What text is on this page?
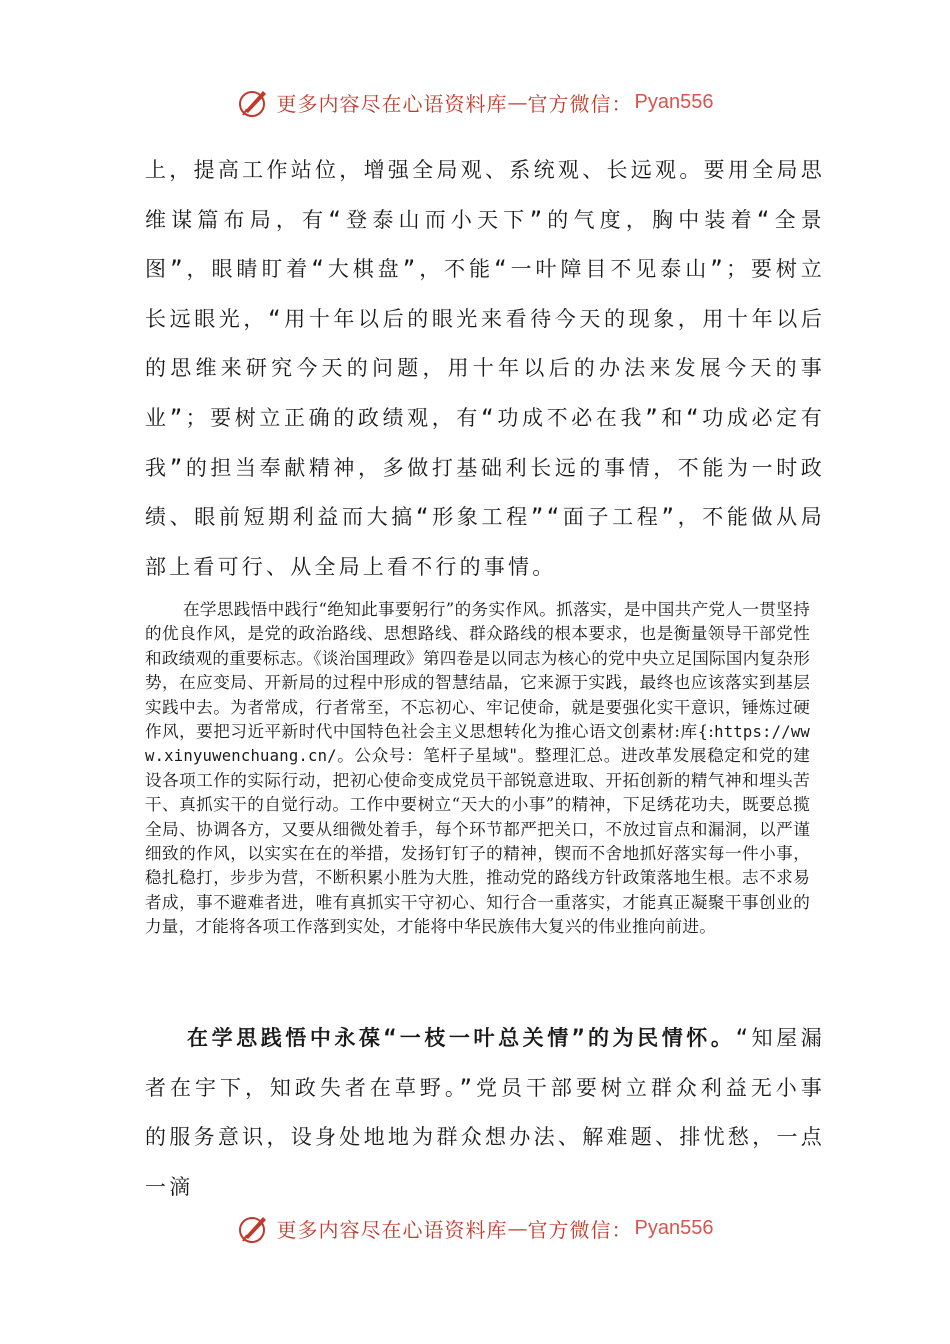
更多内容尽在心语资料库 — 官方微信： Pyan556

上，提高工作站位，增强全局观、系统观、长远观。要用全局思维谋篇布局，有“登泰山而小天下”的气度，胸中装着“全景图”，眼睛盯着“大棋盘”，不能“一叶障目不见泰山”；要树立长远眼光，“用十年以后的眼光来看待今天的现象，用十年以后的思维来研究今天的问题，用十年以后的办法来发展今天的事业”；要树立正确的政绩观，有“功成不必在我”和“功成必定有我”的担当奉献精神，多做打基础利长远的事情，不能为一时政绩、眼前短期利益而大搞“形象工程”“面子工程”，不能做从局部上看可行、从全局上看不行的事情。

在学思践悟中践行“绝知此事要躬行”的务实作风。抓落实，是中国共产党人一贯坚持的优良作风，是党的政治路线、思想路线、群众路线的根本要求，也是衡量领导干部党性和政绩观的重要标志。《谈治国理政》第四卷是以同志为核心的党中央立足国际国内复杂形势，在应变局、开新局的过程中形成的智慧结晶，它来源于实践，最终也应该落实到基层实践中去。为者常成，行者常至，不忘初心、牢记使命，就是要强化实干意识，锤炼过硬作风，要把习近平新时代中国特色社会主义思想转化为推心语文创素材:库{:https://www.xinyuwenchuang.cn/。公众号：笔杆子星域"。整理汇总。进改革发展稳定和党的建设各项工作的实际行动，把初心使命变成党员干部锐意进取、开拓创新的精气神和埋头苦干、真抓实干的自觉行动。工作中要树立“天大的小事”的精神，下足绣花功夫，既要总揽全局、协调各方，又要从细微处着手，每个环节都严把关口，不放过盲点和漏洞，以严谨细致的作风，以实实在在的举措，发扬钉钉子的精神，锲而不舍地抓好落实每一件小事，稳扎稳打，步步为营，不断积累小胜为大胜，推动党的路线方针政策落地生根。志不求易者成，事不避难者进，唯有真抓实干守初心、知行合一重落实，才能真正凝聚干事创业的力量，才能将各项工作落到实处，才能将中华民族伟大复兴的伟业推向前进。

在学思践悟中永葆“一枝一叶总关情”的为民情怀。“知屋漏者在宇下，知政失者在草野。”党员干部要树立群众利益无小事的服务意识，设身处地地为群众想办法、解难题、排忧愁，一点一滴

更多内容尽在心语资料库 — 官方微信： Pyan556
